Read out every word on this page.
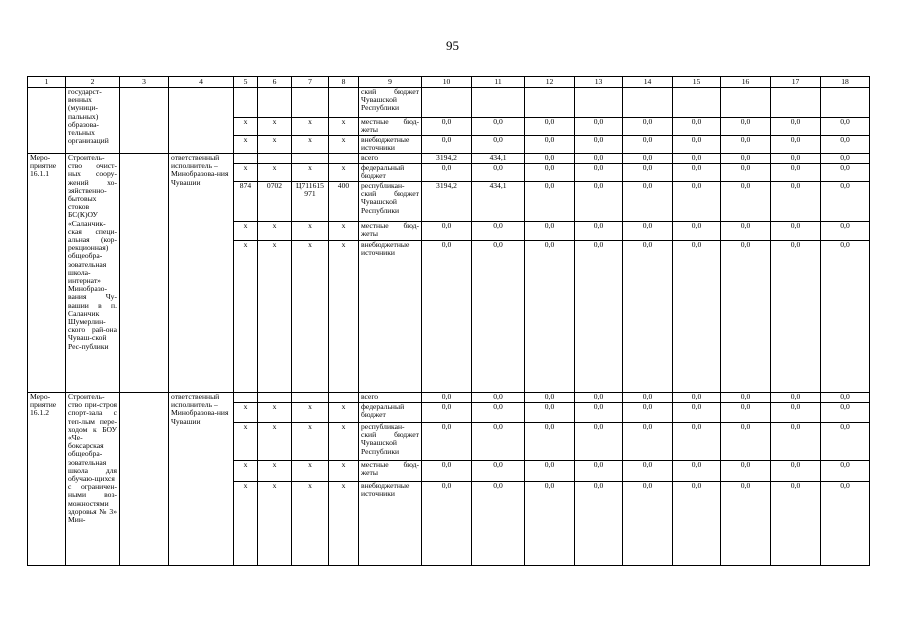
95
1	2	3	4	5	6	7	8	9	10	11	12	13	14	15	16	17	18
	государст-венных (муници-пальных) образова-тельных организаций							ский бюджет Чувашской Республики									
				х	х	х	х	местные бюд-жеты	0,0	0,0	0,0	0,0	0,0	0,0	0,0	0,0	0,0
				х	х	х	х	внебюджетные источники	0,0	0,0	0,0	0,0	0,0	0,0	0,0	0,0	0,0
Меро-приятие 16.1.1	Строитель-ство очист-ных соору-жений хо-зяйственно-бытовых стоков БС(К)ОУ «Саланчик-ская специ-альная (кор-рекционная) общеобра-зовательная школа-интернат» Минобразо-вания Чу-вашии в п. Саланчик Шумерлин-ского рай-она Чуваш-ской Рес-публики		ответственный исполнитель – Минобразова-ния Чувашии					всего	3194,2	434,1	0,0	0,0	0,0	0,0	0,0	0,0	0,0
				х	х	х	х	федеральный бюджет	0,0	0,0	0,0	0,0	0,0	0,0	0,0	0,0	0,0
				874	0702	Ц711615 971	400	республикан-ский бюджет Чувашской Республики	3194,2	434,1	0,0	0,0	0,0	0,0	0,0	0,0	0,0
				х	х	х	х	местные бюд-жеты	0,0	0,0	0,0	0,0	0,0	0,0	0,0	0,0	0,0
				х	х	х	х	внебюджетные источники	0,0	0,0	0,0	0,0	0,0	0,0	0,0	0,0	0,0
Меро-приятие 16.1.2	Строитель-ство при-строя спорт-зала с теп-лым пере-ходом к БОУ «Че-боксарская общеобра-зовательная школа для обучаю-щихся с ограничен-ными воз-можностями здоровья № 3» Мин-		ответственный исполнитель – Минобразова-ния Чувашии					всего	0,0	0,0	0,0	0,0	0,0	0,0	0,0	0,0	0,0
				х	х	х	х	федеральный бюджет	0,0	0,0	0,0	0,0	0,0	0,0	0,0	0,0	0,0
				х	х	х	х	республикан-ский бюджет Чувашской Республики	0,0	0,0	0,0	0,0	0,0	0,0	0,0	0,0	0,0
				х	х	х	х	местные бюд-жеты	0,0	0,0	0,0	0,0	0,0	0,0	0,0	0,0	0,0
				х	х	х	х	внебюджетные источники	0,0	0,0	0,0	0,0	0,0	0,0	0,0	0,0	0,0
